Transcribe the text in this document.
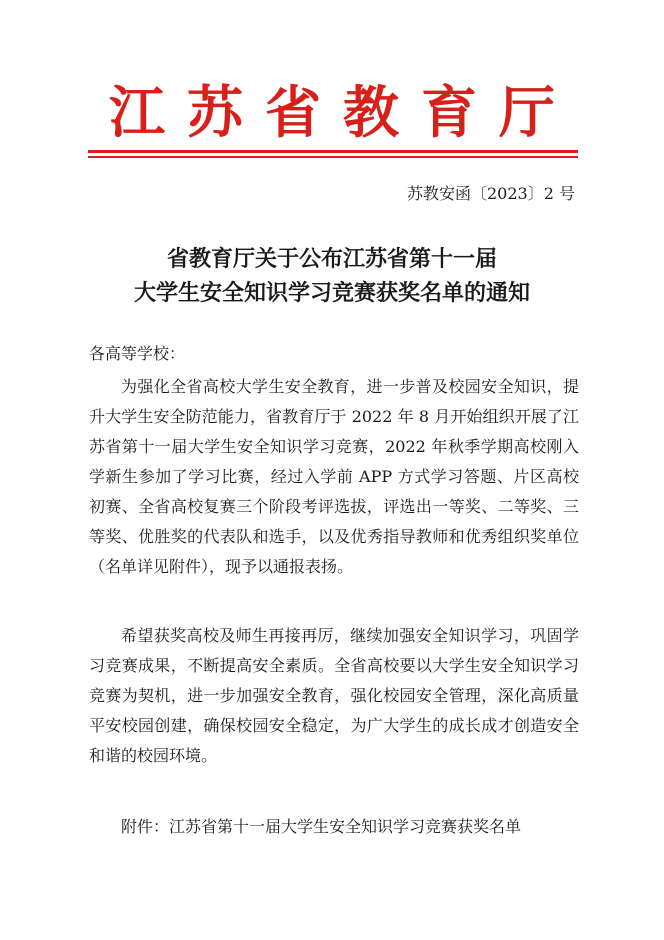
江苏省教育厅
苏教安函〔2023〕2 号
省教育厅关于公布江苏省第十一届
大学生安全知识学习竞赛获奖名单的通知
各高等学校：
为强化全省高校大学生安全教育，进一步普及校园安全知识，提升大学生安全防范能力，省教育厅于 2022 年 8 月开始组织开展了江苏省第十一届大学生安全知识学习竞赛，2022 年秋季学期高校刚入学新生参加了学习比赛，经过入学前 APP 方式学习答题、片区高校初赛、全省高校复赛三个阶段考评选拔，评选出一等奖、二等奖、三等奖、优胜奖的代表队和选手，以及优秀指导教师和优秀组织奖单位（名单详见附件），现予以通报表扬。
希望获奖高校及师生再接再厉，继续加强安全知识学习，巩固学习竞赛成果，不断提高安全素质。全省高校要以大学生安全知识学习竞赛为契机，进一步加强安全教育，强化校园安全管理，深化高质量平安校园创建，确保校园安全稳定，为广大学生的成长成才创造安全和谐的校园环境。
附件：江苏省第十一届大学生安全知识学习竞赛获奖名单
